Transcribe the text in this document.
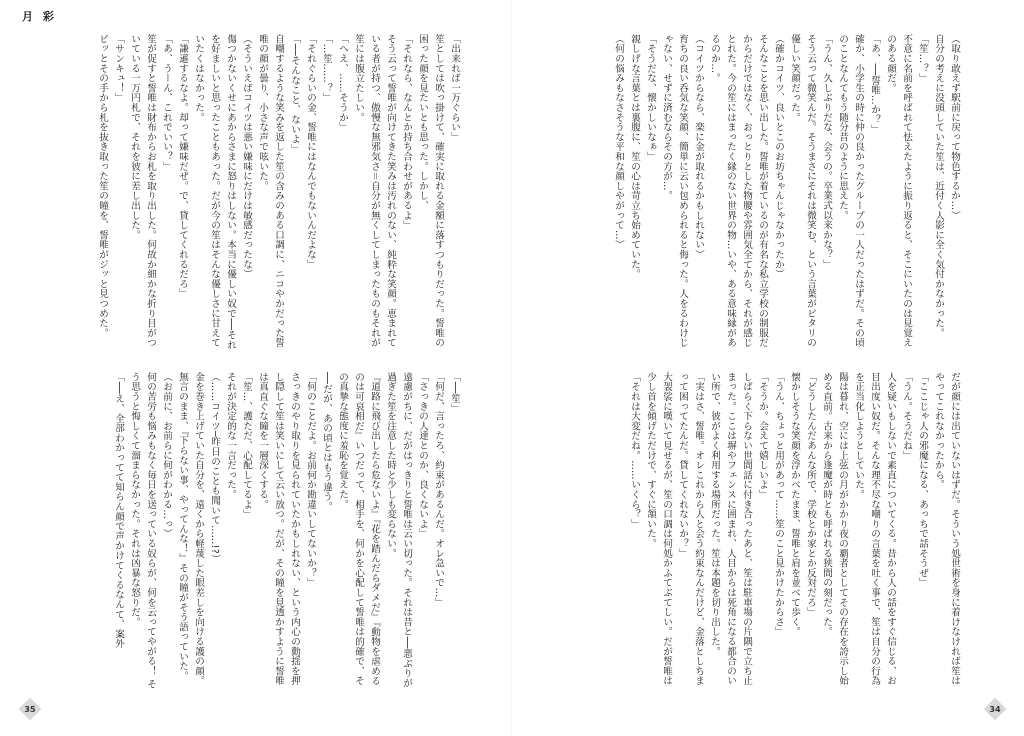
月 彩

「出来れば一万ぐらい」

笙としては吹っ掛けて、確実に取れる金額に落すつもりだった。誓唯の困った顔を見たいとも思った。しかし、

「それなら、なんとか持ち合わせがあるよ」

そう云って誓唯が向けてきた笑みは汚れのない、純粋な笑顔。恵まれている者が持つ、傲慢な無邪気さ＝自分が無くしてしまったものもそれが笙には腹立たしい。

「へえ、……そうか」

「…笙……？」

「それぐらいの金、誓唯にはなんでもないんだよな」

「──そんなこと、ないよ」

自嘲するような笑みを返した笙の含みのある口調に、ニコやかだった誓唯の顔が曇り、小さな声で呟いた。

（そういえばコイツは悪い嫌味にだけは敏感だったな）

傷つかないくせにあからさまに怒りはしない。本当に優しい奴で──それを好ましいと思ったこともあった。だが今の笙はそんな優しさに甘えていたくはなかった。

「謙遜するなよ。却って嫌味だぜ。で、貸してくれるだろ」

「あ、うーん、これでいい？」

笙が促すと誓唯は財布からお札を取り出した。何故か細かな折り目がついている一万円札で、それを彼に差し出した。

「サンキュ！」

ピッとその手から札を抜き取った笙の瞳を、誓唯がジッと見つめた。

「──笙」

「何だ、言ったろ、約束があるんだ。オレ急いで…」

「さっきの人達とのか、良くないよ」

遠慮がちに、だがはっきりと誓唯は云い切った。それは昔と──悪ぶりが過ぎた笙を注意した時と少しも変らない。

『道路に飛び出したら危ないよ』『花を踏んだらダメだ』『動物を虐めるのは可哀相だ』いつだって、相手を、何かを心配して誓唯は的確で、その真摯な態度に羞恥を覚えた。

──だが、あの頃とはもう違う。

「何のことだよ。お前何か勘違いしてないか？」

さっきのやり取りを見られていたかもしれない、という内心の動揺を押し隠して笙は笑いにして云い放つ。だが、その瞳を見透かすように誓唯は真直ぐな瞳を一層深くする。

「笙…、護ただ、心配してるよ」

それが決定的な一言だった。

（……コイツ─昨日のことも聞いて……!?）

金を巻き上げていた自分を、遠くから軽蔑した眼差しを向ける護の顔。無言のまま、『下らない事、やってんな！』その瞳がそう語っていた。

（お前に、お前らに何がわかる…っ）

何の苦労も悩みもなく毎日を送っている奴らが、何を云ってやがる！ そう思うと悔しくて溜まらなかった。それは凶暴な怒りだ。

「──え、全部わかってて知らん顔で声かけてくるなんて、案外

35

（取り敢えず駅前に戻って物色するか…）

自分の考えに没頭していた笙は、近付く人影に全く気付かなかった。

「笙…？」

不意に名前を呼ばれて怯えたように振り返ると、そこにいたのは見覚えのある顔だ。

「あ、──誓唯…か？」

確か、小学生の時に仲の良かったグループの一人だったはずだ。その頃のことなんてもう随分昔のように思えた。

「うん、久しぶりだな、会うの。卒業式以来かな？」

そう云って微笑んだ。そうまさにそれは微笑む、という言葉がピタリの優しい笑顔だった。

（確かコイツ、良いとこのお坊ちゃんじゃなかったか）

そんなことを思い出した。誓唯が着ているのが有名な私立学校の制服だからだけではなく、おっとりとした物腰や雰囲気全てから、それが感じとれた。今の笙にはまったく縁のない世界の物…いや、ある意味縁があるのか…。

（コイツからなら、楽に金が取れるかもしれない）

育ちの良い呑気な笑顔、簡単に云い包められると侮った。人をるわけじゃない、せずに済むならその方が…。

「そうだな、懐かしいなぁ」

親しげな言葉とは裏腹に、笙の心は苛立ち始めていた。

（何の悩みもなさそうな平和な顔しやがって…）

だが顔には出ていないはずだ。そういう処世術を身に着けなければ笙はやってこれなかったから。

「ここじゃ人の邪魔になる、あっちで話そうぜ」

「うん。そうだね」

人を疑いもしないで素直についてくる。昔から人の話をすぐ信じる、お目出度い奴だ。そんな理不尽な嘲りの言葉を吐く事で、笙は自分の行為を正当化しようとしていた。

陽は暮れ、空には上弦の月がかかり夜の覇者としてその存在を誇示し始める直前。古来から逢魔が時とも呼ばれる狭間の刻だった。

「どうしたんだあんな所で、学校とか家とか反対だろ」

懐かしそうな笑顔を浮かべたまま、誓唯と肩を並べて歩く。

「うん、ちょっと用があって……笙のこと見かけたからさ」

「そうか。会えて嬉しいよ」

しばらく下らない世間話に付き合ったあと、笙は駐車場の片隅で立ち止まった。ここは塀やフェンスに囲まれ、人目からは死角になる都合のいい所で、彼がよく利用する場所だった。笙は本題を切り出した。

「実はさ、誓唯。オレこれから人と会う約束なんだけど、金落としちまって困ってたんだ。貸してくれないか？」

大袈裟に嘆いて見せるが、笙の口調は何処かふてぶてしい。だが誓唯は少し首を傾げただけで、すぐに頷いた。

「それは大変だね。……いくら？」

34
